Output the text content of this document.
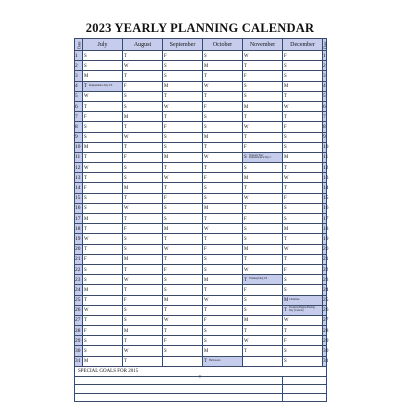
2023 YEARLY PLANNING CALENDAR
Date	July	August	September	October	November	December	Date
1	S	T	F	S	W	F	1
2	S	W	S	M	T	S	2
3	M	T	S	T	F	S	3
4	T Independence Day US	F	M	W	S	M	4
5	W	S	T	T	S	T	5
6	T	S	W	F	M	W	6
7	F	M	T	S	T	T	7
8	S	T	F	S	W	F	8
9	S	W	S	M	T	S	9
10	M	T	S	T	F	S	10
11	T	F	M	W	SVeterans' Day Remembrance Day C	M	11
12	W	S	T	T	S	T	12
13	T	S	W	F	M	W	13
14	F	M	T	S	T	T	14
15	S	T	F	S	W	F	15
16	S	W	S	M	T	S	16
17	M	T	S	T	F	S	17
18	T	F	M	W	S	M	18
19	W	S	T	T	S	T	19
20	T	S	W	F	M	W	20
21	F	M	T	S	T	T	21
22	S	T	F	S	W	F	22
23	S	W	S	M	T Thanksgiving US	S	23
24	M	T	S	T	F	S	24
25	T	F	M	W	S	MChristmas	25
26	W	S	T	T	S	TKwanzaa Begins Boxing Day (Canada)	26
27	T	S	W	F	M	W	27
28	F	M	T	S	T	T	28
29	S	T	F	S	W	F	29
30	S	W	S	M	T	S	30
31	M	T		T Halloween		S	31
SPECIAL GOALS FOR 2015							

T
